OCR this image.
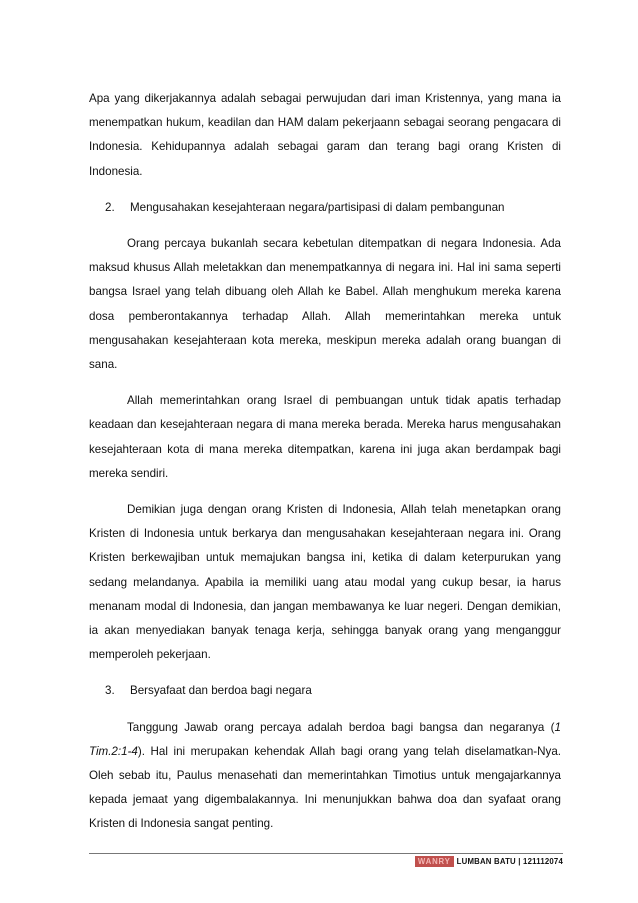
Apa yang dikerjakannya adalah sebagai perwujudan dari iman Kristennya, yang mana ia menempatkan hukum, keadilan dan HAM dalam pekerjaann sebagai seorang pengacara di Indonesia. Kehidupannya adalah sebagai garam dan terang bagi orang Kristen di Indonesia.

2. Mengusahakan kesejahteraan negara/partisipasi di dalam pembangunan

Orang percaya bukanlah secara kebetulan ditempatkan di negara Indonesia. Ada maksud khusus Allah meletakkan dan menempatkannya di negara ini. Hal ini sama seperti bangsa Israel yang telah dibuang oleh Allah ke Babel. Allah menghukum mereka karena dosa pemberontakannya terhadap Allah. Allah memerintahkan mereka untuk mengusahakan kesejahteraan kota mereka, meskipun mereka adalah orang buangan di sana.

Allah memerintahkan orang Israel di pembuangan untuk tidak apatis terhadap keadaan dan kesejahteraan negara di mana mereka berada. Mereka harus mengusahakan kesejahteraan kota di mana mereka ditempatkan, karena ini juga akan berdampak bagi mereka sendiri.

Demikian juga dengan orang Kristen di Indonesia, Allah telah menetapkan orang Kristen di Indonesia untuk berkarya dan mengusahakan kesejahteraan negara ini. Orang Kristen berkewajiban untuk memajukan bangsa ini, ketika di dalam keterpurukan yang sedang melandanya. Apabila ia memiliki uang atau modal yang cukup besar, ia harus menanam modal di Indonesia, dan jangan membawanya ke luar negeri. Dengan demikian, ia akan menyediakan banyak tenaga kerja, sehingga banyak orang yang menganggur memperoleh pekerjaan.

3. Bersyafaat dan berdoa bagi negara

Tanggung Jawab orang percaya adalah berdoa bagi bangsa dan negaranya (1 Tim.2:1-4). Hal ini merupakan kehendak Allah bagi orang yang telah diselamatkan-Nya. Oleh sebab itu, Paulus menasehati dan memerintahkan Timotius untuk mengajarkannya kepada jemaat yang digembalakannya. Ini menunjukkan bahwa doa dan syafaat orang Kristen di Indonesia sangat penting.

WANRY LUMBAN BATU
|
121112074
